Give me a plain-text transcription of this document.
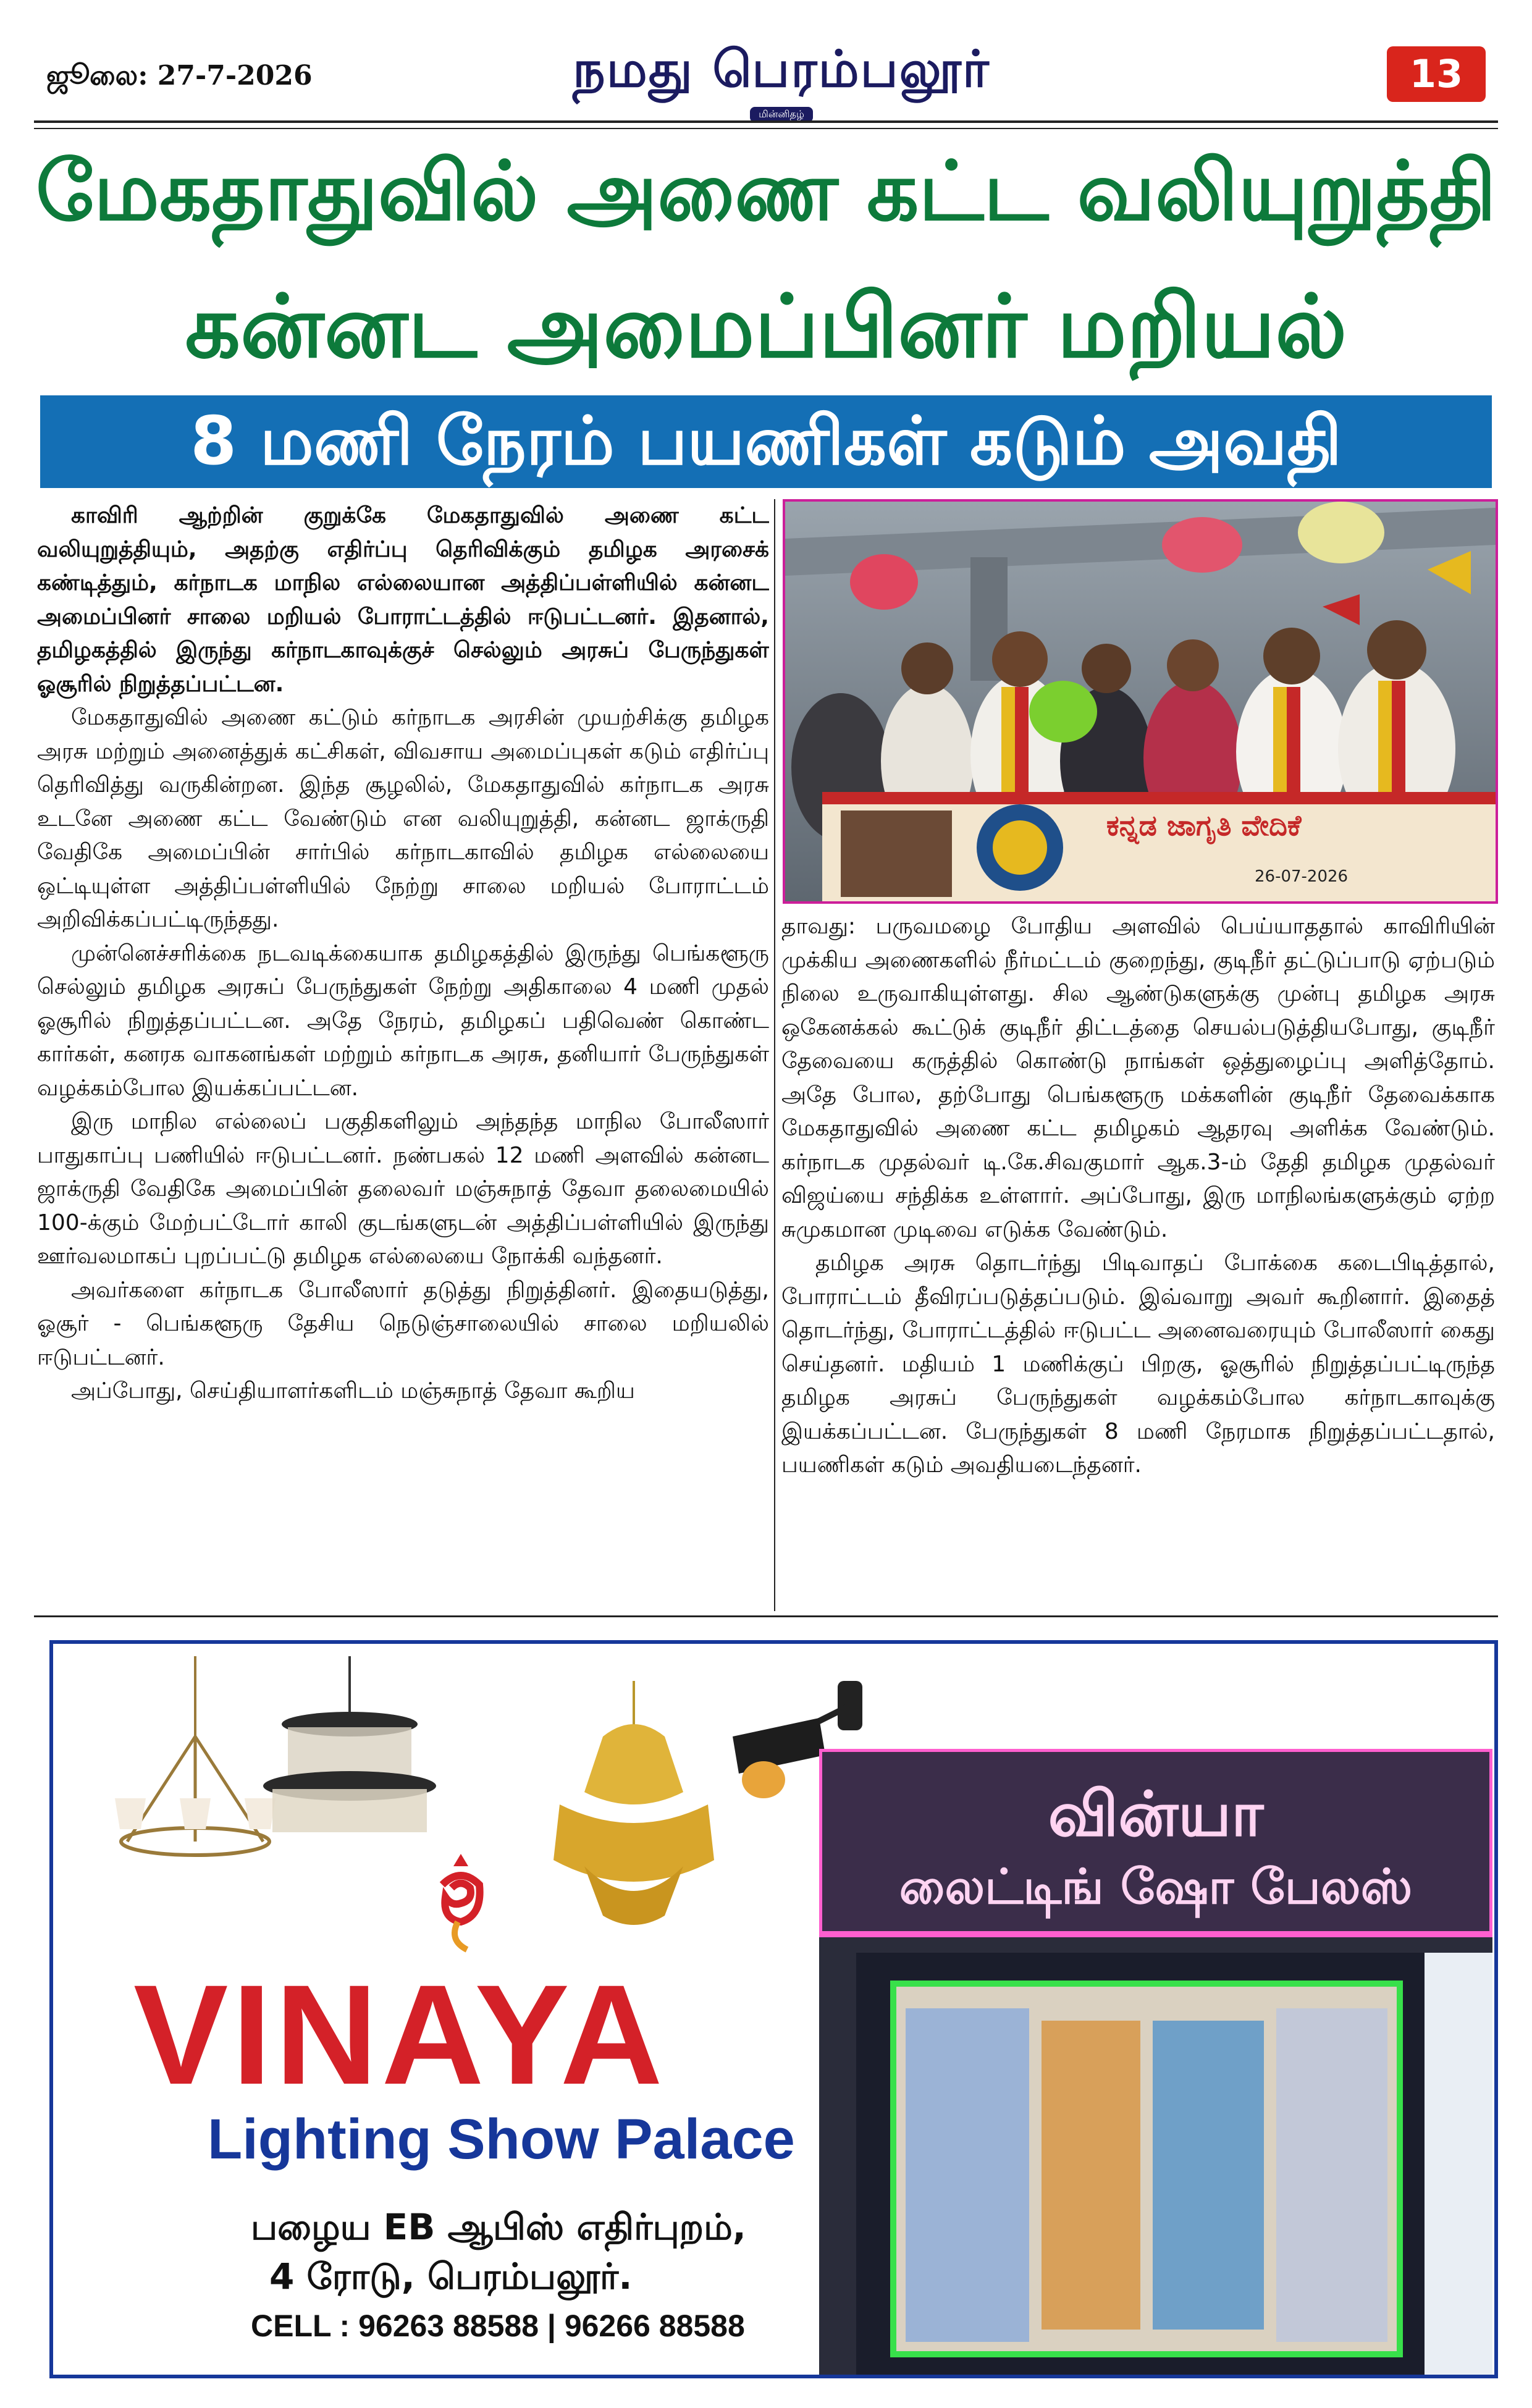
ஜூலை: 27-7-2026	நமது பெரம்பலூர்
மின்னிதழ்
13
மேகதாதுவில் அணை கட்ட வலியுறுத்தி
கன்னட அமைப்பினர் மறியல்
8 மணி நேரம் பயணிகள் கடும் அவதி

காவிரி ஆற்றின் குறுக்கே மேகதாதுவில் அணை கட்ட வலியுறுத்தியும், அதற்கு எதிர்ப்பு தெரிவிக்கும் தமிழக அரசைக் கண்டித்தும், கர்நாடக மாநில எல்லையான அத்திப்பள்ளியில் கன்னட அமைப்பினர் சாலை மறியல் போராட்டத்தில் ஈடுபட்டனர். இதனால், தமிழகத்தில் இருந்து கர்நாடகாவுக்குச் செல்லும் அரசுப் பேருந்துகள் ஓசூரில் நிறுத்தப்பட்டன.

மேகதாதுவில் அணை கட்டும் கர்நாடக அரசின் முயற்சிக்கு தமிழக அரசு மற்றும் அனைத்துக் கட்சிகள், விவசாய அமைப்புகள் கடும் எதிர்ப்பு தெரிவித்து வருகின்றன. இந்த சூழலில், மேகதாதுவில் கர்நாடக அரசு உடனே அணை கட்ட வேண்டும் என வலியுறுத்தி, கன்னட ஜாக்ருதி வேதிகே அமைப்பின் சார்பில் கர்நாடகாவில் தமிழக எல்லையை ஒட்டியுள்ள அத்திப்பள்ளியில் நேற்று சாலை மறியல் போராட்டம் அறிவிக்கப்பட்டிருந்தது.

முன்னெச்சரிக்கை நடவடிக்கையாக தமிழகத்தில் இருந்து பெங்களூரு செல்லும் தமிழக அரசுப் பேருந்துகள் நேற்று அதிகாலை 4 மணி முதல் ஓசூரில் நிறுத்தப்பட்டன. அதே நேரம், தமிழகப் பதிவெண் கொண்ட கார்கள், கனரக வாகனங்கள் மற்றும் கர்நாடக அரசு, தனியார் பேருந்துகள் வழக்கம்போல இயக்கப்பட்டன.

இரு மாநில எல்லைப் பகுதிகளிலும் அந்தந்த மாநில போலீஸார் பாதுகாப்பு பணியில் ஈடுபட்டனர். நண்பகல் 12 மணி அளவில் கன்னட ஜாக்ருதி வேதிகே அமைப்பின் தலைவர் மஞ்சுநாத் தேவா தலைமையில் 100-க்கும் மேற்பட்டோர் காலி குடங்களுடன் அத்திப்பள்ளியில் இருந்து ஊர்வலமாகப் புறப்பட்டு தமிழக எல்லையை நோக்கி வந்தனர்.

அவர்களை கர்நாடக போலீஸார் தடுத்து நிறுத்தினர். இதையடுத்து, ஓசூர் - பெங்களூரு தேசிய நெடுஞ்சாலையில் சாலை மறியலில் ஈடுபட்டனர்.

அப்போது, செய்தியாளர்களிடம் மஞ்சுநாத் தேவா கூறிய

ಕನ್ನಡ ಜಾಗೃತಿ ವೇದಿಕೆ
26-07-2026

தாவது: பருவமழை போதிய அளவில் பெய்யாததால் காவிரியின் முக்கிய அணைகளில் நீர்மட்டம் குறைந்து, குடிநீர் தட்டுப்பாடு ஏற்படும் நிலை உருவாகியுள்ளது. சில ஆண்டுகளுக்கு முன்பு தமிழக அரசு ஒகேனக்கல் கூட்டுக் குடிநீர் திட்டத்தை செயல்படுத்தியபோது, குடிநீர் தேவையை கருத்தில் கொண்டு நாங்கள் ஒத்துழைப்பு அளித்தோம். அதே போல, தற்போது பெங்களூரு மக்களின் குடிநீர் தேவைக்காக மேகதாதுவில் அணை கட்ட தமிழகம் ஆதரவு அளிக்க வேண்டும். கர்நாடக முதல்வர் டி.கே.சிவகுமார் ஆக.3-ம் தேதி தமிழக முதல்வர் விஜய்யை சந்திக்க உள்ளார். அப்போது, இரு மாநிலங்களுக்கும் ஏற்ற சுமுகமான முடிவை எடுக்க வேண்டும்.

தமிழக அரசு தொடர்ந்து பிடிவாதப் போக்கை கடைபிடித்தால், போராட்டம் தீவிரப்படுத்தப்படும். இவ்வாறு அவர் கூறினார். இதைத் தொடர்ந்து, போராட்டத்தில் ஈடுபட்ட அனைவரையும் போலீஸார் கைது செய்தனர். மதியம் 1 மணிக்குப் பிறகு, ஓசூரில் நிறுத்தப்பட்டிருந்த தமிழக அரசுப் பேருந்துகள் வழக்கம்போல கர்நாடகாவுக்கு இயக்கப்பட்டன. பேருந்துகள் 8 மணி நேரமாக நிறுத்தப்பட்டதால், பயணிகள் கடும் அவதியடைந்தனர்.

VINAYA
Lighting Show Palace
பழைய EB ஆபிஸ் எதிர்புறம்,
4 ரோடு, பெரம்பலூர்.
CELL : 96263 88588 | 96266 88588
வின்யா
லைட்டிங் ஷோ பேலஸ்
